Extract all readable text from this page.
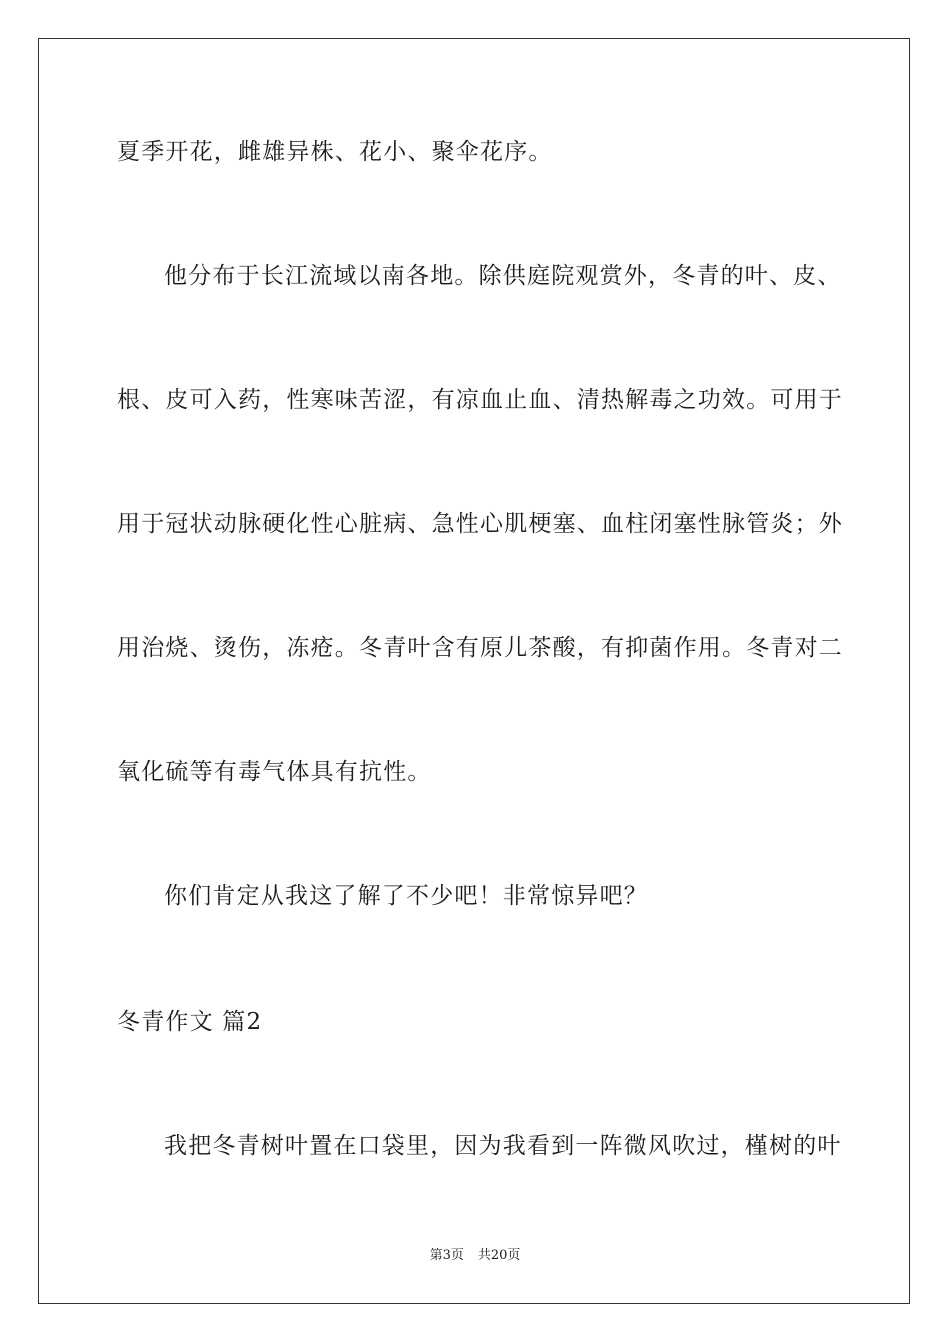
夏季开花，雌雄异株、花小、聚伞花序。
他分布于长江流域以南各地。除供庭院观赏外，冬青的叶、皮、
根、皮可入药，性寒味苦涩，有凉血止血、清热解毒之功效。可用于
用于冠状动脉硬化性心脏病、急性心肌梗塞、血柱闭塞性脉管炎；外
用治烧、烫伤，冻疮。冬青叶含有原儿茶酸，有抑菌作用。冬青对二
氧化硫等有毒气体具有抗性。
你们肯定从我这了解了不少吧！非常惊异吧？
冬青作文 篇2
我把冬青树叶置在口袋里，因为我看到一阵微风吹过，槿树的叶
第3页 共20页
